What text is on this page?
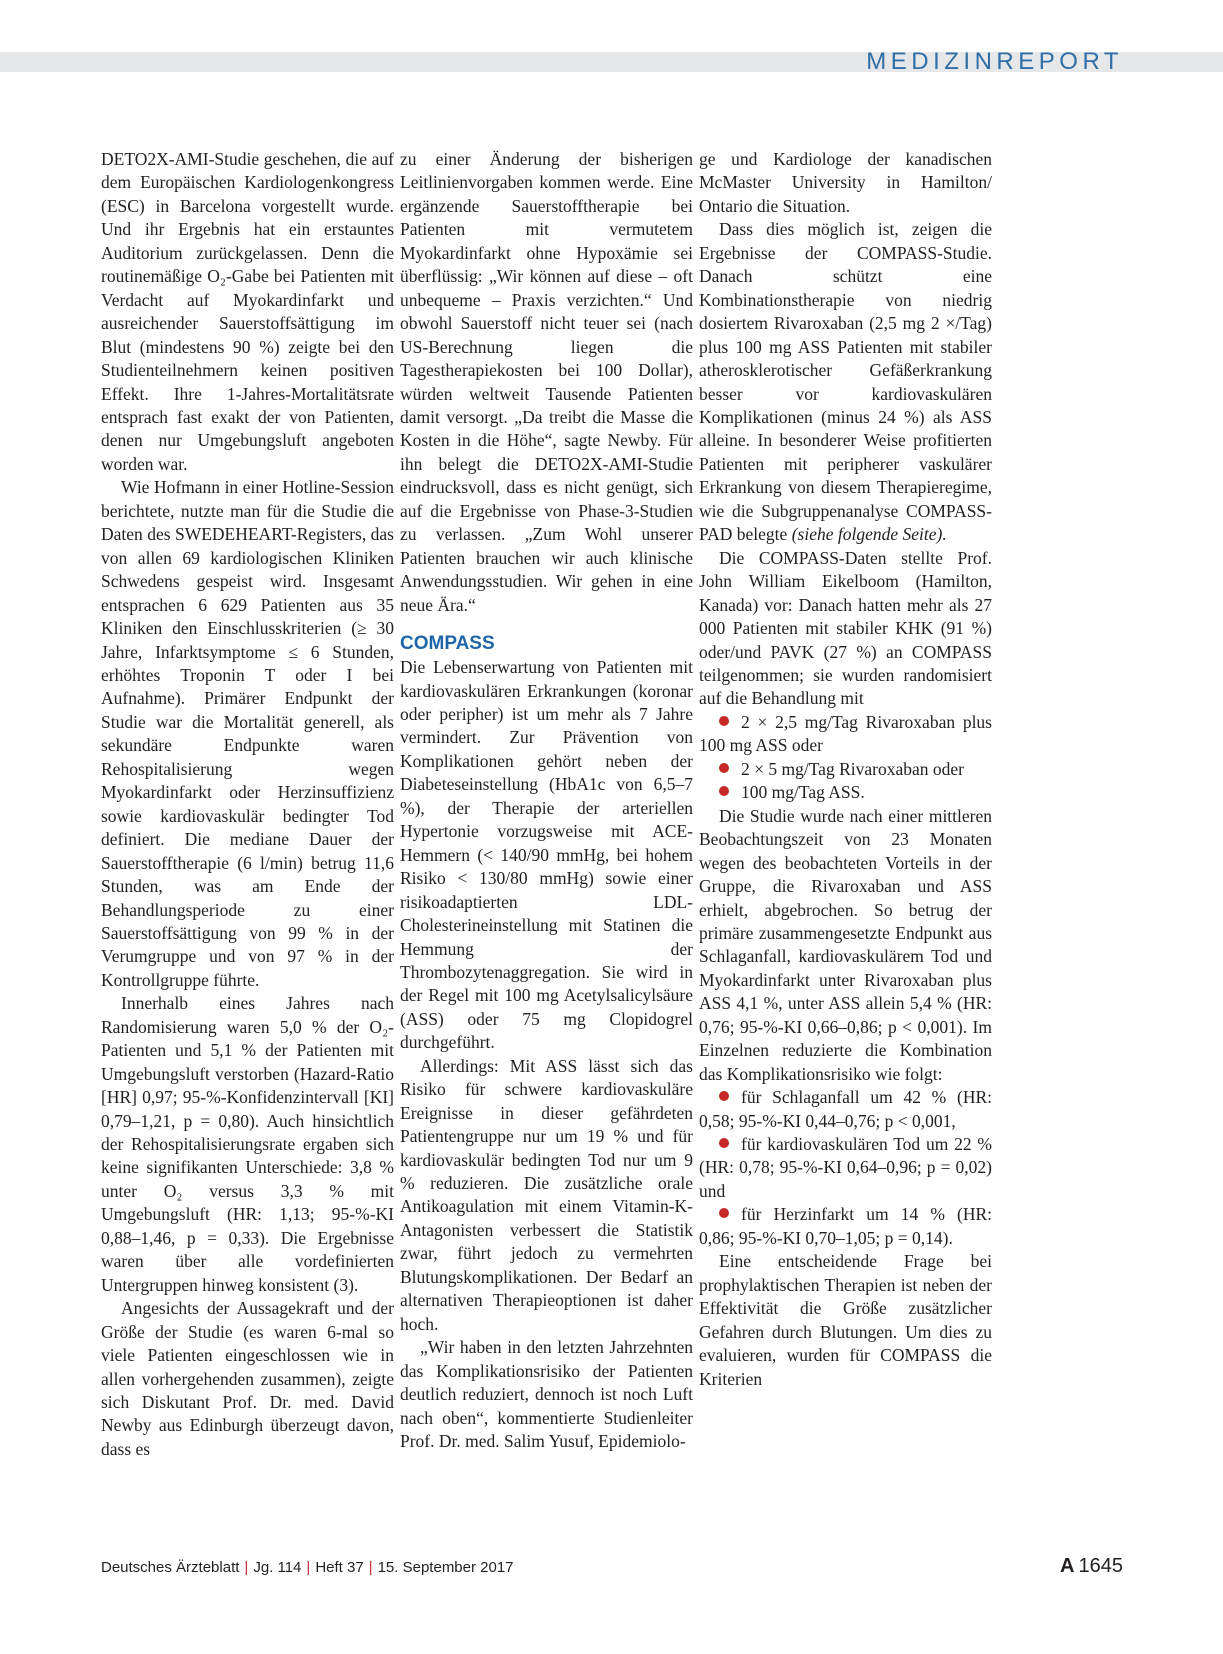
MEDIZINREPORT

DETO2X-AMI-Studie geschehen, die auf dem Europäischen Kardiologenkongress (ESC) in Barcelona vorgestellt wurde. Und ihr Ergebnis hat ein erstauntes Auditorium zurückgelassen. Denn die routinemäßige O₂-Gabe bei Patienten mit Verdacht auf Myokardinfarkt und ausreichender Sauerstoffsättigung im Blut (mindestens 90 %) zeigte bei den Studienteilnehmern keinen positiven Effekt. Ihre 1-Jahres-Mortalitätsrate entsprach fast exakt der von Patienten, denen nur Umgebungsluft angeboten worden war.

Wie Hofmann in einer Hotline-Session berichtete, nutzte man für die Studie die Daten des SWEDEHEART-Registers, das von allen 69 kardiologischen Kliniken Schwedens gespeist wird. Insgesamt entsprachen 6 629 Patienten aus 35 Kliniken den Einschlusskriterien (≥ 30 Jahre, Infarktsymptome ≤ 6 Stunden, erhöhtes Troponin T oder I bei Aufnahme). Primärer Endpunkt der Studie war die Mortalität generell, als sekundäre Endpunkte waren Rehospitalisierung wegen Myokardinfarkt oder Herzinsuffizienz sowie kardiovaskulär bedingter Tod definiert. Die mediane Dauer der Sauerstofftherapie (6 l/min) betrug 11,6 Stunden, was am Ende der Behandlungsperiode zu einer Sauerstoffsättigung von 99 % in der Verumgruppe und von 97 % in der Kontrollgruppe führte.

Innerhalb eines Jahres nach Randomisierung waren 5,0 % der O₂-Patienten und 5,1 % der Patienten mit Umgebungsluft verstorben (Hazard-Ratio [HR] 0,97; 95-%-Konfidenzintervall [KI] 0,79–1,21, p = 0,80). Auch hinsichtlich der Rehospitalisierungsrate ergaben sich keine signifikanten Unterschiede: 3,8 % unter O₂ versus 3,3 % mit Umgebungsluft (HR: 1,13; 95-%-KI 0,88–1,46, p = 0,33). Die Ergebnisse waren über alle vordefinierten Untergruppen hinweg konsistent (3).

Angesichts der Aussagekraft und der Größe der Studie (es waren 6-mal so viele Patienten eingeschlossen wie in allen vorhergehenden zusammen), zeigte sich Diskutant Prof. Dr. med. David Newby aus Edinburgh überzeugt davon, dass es

zu einer Änderung der bisherigen Leitlinienvorgaben kommen werde. Eine ergänzende Sauerstofftherapie bei Patienten mit vermutetem Myokardinfarkt ohne Hypoxämie sei überflüssig: „Wir können auf diese – oft unbequeme – Praxis verzichten.“ Und obwohl Sauerstoff nicht teuer sei (nach US-Berechnung liegen die Tagestherapiekosten bei 100 Dollar), würden weltweit Tausende Patienten damit versorgt. „Da treibt die Masse die Kosten in die Höhe“, sagte Newby. Für ihn belegt die DETO2X-AMI-Studie eindrucksvoll, dass es nicht genügt, sich auf die Ergebnisse von Phase-3-Studien zu verlassen. „Zum Wohl unserer Patienten brauchen wir auch klinische Anwendungsstudien. Wir gehen in eine neue Ära.“

COMPASS

Die Lebenserwartung von Patienten mit kardiovaskulären Erkrankungen (koronar oder peripher) ist um mehr als 7 Jahre vermindert. Zur Prävention von Komplikationen gehört neben der Diabeteseinstellung (HbA1c von 6,5–7 %), der Therapie der arteriellen Hypertonie vorzugsweise mit ACE-Hemmern (< 140/90 mmHg, bei hohem Risiko < 130/80 mmHg) sowie einer risikoadaptierten LDL-Cholesterineinstellung mit Statinen die Hemmung der Thrombozytenaggregation. Sie wird in der Regel mit 100 mg Acetylsalicylsäure (ASS) oder 75 mg Clopidogrel durchgeführt.

Allerdings: Mit ASS lässt sich das Risiko für schwere kardiovaskuläre Ereignisse in dieser gefährdeten Patientengruppe nur um 19 % und für kardiovaskulär bedingten Tod nur um 9 % reduzieren. Die zusätzliche orale Antikoagulation mit einem Vitamin-K-Antagonisten verbessert die Statistik zwar, führt jedoch zu vermehrten Blutungskomplikationen. Der Bedarf an alternativen Therapieoptionen ist daher hoch.

„Wir haben in den letzten Jahrzehnten das Komplikationsrisiko der Patienten deutlich reduziert, dennoch ist noch Luft nach oben“, kommentierte Studienleiter Prof. Dr. med. Salim Yusuf, Epidemiolo-

ge und Kardiologe der kanadischen McMaster University in Hamilton/ Ontario die Situation.

Dass dies möglich ist, zeigen die Ergebnisse der COMPASS-Studie. Danach schützt eine Kombinationstherapie von niedrig dosiertem Rivaroxaban (2,5 mg 2 ×/Tag) plus 100 mg ASS Patienten mit stabiler atherosklerotischer Gefäßerkrankung besser vor kardiovaskulären Komplikationen (minus 24 %) als ASS alleine. In besonderer Weise profitierten Patienten mit peripherer vaskulärer Erkrankung von diesem Therapieregime, wie die Subgruppenanalyse COMPASS-PAD belegte (siehe folgende Seite).

Die COMPASS-Daten stellte Prof. John William Eikelboom (Hamilton, Kanada) vor: Danach hatten mehr als 27 000 Patienten mit stabiler KHK (91 %) oder/und PAVK (27 %) an COMPASS teilgenommen; sie wurden randomisiert auf die Behandlung mit

2 × 2,5 mg/Tag Rivaroxaban plus 100 mg ASS oder

2 × 5 mg/Tag Rivaroxaban oder

100 mg/Tag ASS.

Die Studie wurde nach einer mittleren Beobachtungszeit von 23 Monaten wegen des beobachteten Vorteils in der Gruppe, die Rivaroxaban und ASS erhielt, abgebrochen. So betrug der primäre zusammengesetzte Endpunkt aus Schlaganfall, kardiovaskulärem Tod und Myokardinfarkt unter Rivaroxaban plus ASS 4,1 %, unter ASS allein 5,4 % (HR: 0,76; 95-%-KI 0,66–0,86; p < 0,001). Im Einzelnen reduzierte die Kombination das Komplikationsrisiko wie folgt:

für Schlaganfall um 42 % (HR: 0,58; 95-%-KI 0,44–0,76; p < 0,001,

für kardiovaskulären Tod um 22 % (HR: 0,78; 95-%-KI 0,64–0,96; p = 0,02) und

für Herzinfarkt um 14 % (HR: 0,86; 95-%-KI 0,70–1,05; p = 0,14).

Eine entscheidende Frage bei prophylaktischen Therapien ist neben der Effektivität die Größe zusätzlicher Gefahren durch Blutungen. Um dies zu evaluieren, wurden für COMPASS die Kriterien

Deutsches Ärzteblatt | Jg. 114 | Heft 37 | 15. September 2017	A 1645
